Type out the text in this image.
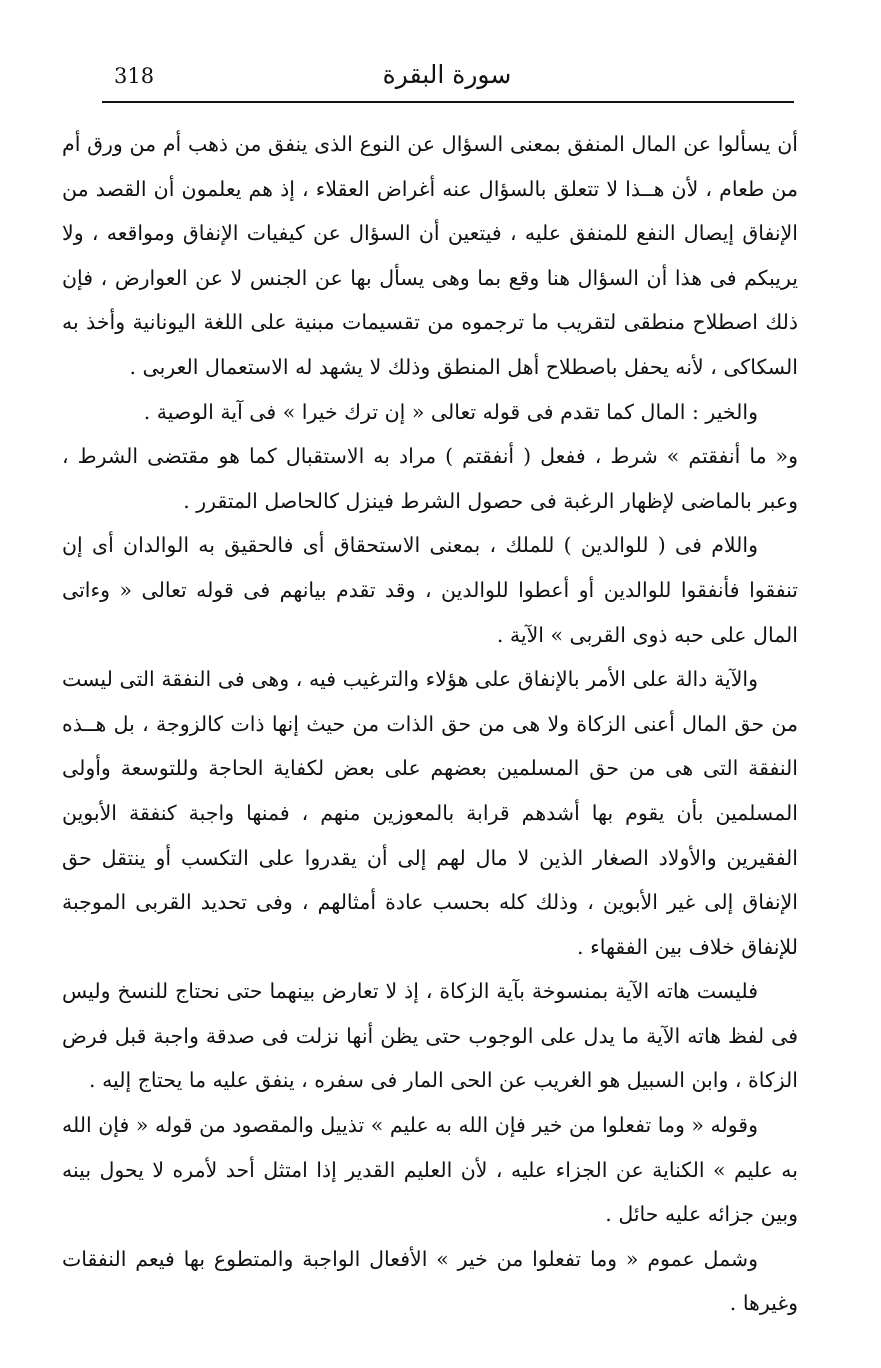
318	سورة البقرة

أن يسألوا عن المال المنفق بمعنى السؤال عن النوع الذى ينفق من ذهب أم من ورق أم من طعام ، لأن هــذا لا تتعلق بالسؤال عنه أغراض العقلاء ، إذ هم يعلمون أن القصد من الإنفاق إيصال النفع للمنفق عليه ، فيتعين أن السؤال عن كيفيات الإنفاق ومواقعه ، ولا يريبكم فى هذا أن السؤال هنا وقع بما وهى يسأل بها عن الجنس لا عن العوارض ، فإن ذلك اصطلاح منطقى لتقريب ما ترجموه من تقسيمات مبنية على اللغة اليونانية وأخذ به السكاكى ، لأنه يحفل باصطلاح أهل المنطق وذلك لا يشهد له الاستعمال العربى .

والخير : المال كما تقدم فى قوله تعالى « إن ترك خيرا » فى آية الوصية .

و« ما أنفقتم » شرط ، ففعل ( أنفقتم ) مراد به الاستقبال كما هو مقتضى الشرط ، وعبر بالماضى لإظهار الرغبة فى حصول الشرط فينزل كالحاصل المتقرر .

واللام فى ( للوالدين ) للملك ، بمعنى الاستحقاق أى فالحقيق به الوالدان أى إن تنفقوا فأنفقوا للوالدين أو أعطوا للوالدين ، وقد تقدم بيانهم فى قوله تعالى « وءاتى المال على حبه ذوى القربى » الآية .

والآية دالة على الأمر بالإنفاق على هؤلاء والترغيب فيه ، وهى فى النفقة التى ليست من حق المال أعنى الزكاة ولا هى من حق الذات من حيث إنها ذات كالزوجة ، بل هــذه النفقة التى هى من حق المسلمين بعضهم على بعض لكفاية الحاجة وللتوسعة وأولى المسلمين بأن يقوم بها أشدهم قرابة بالمعوزين منهم ، فمنها واجبة كنفقة الأبوين الفقيرين والأولاد الصغار الذين لا مال لهم إلى أن يقدروا على التكسب أو ينتقل حق الإنفاق إلى غير الأبوين ، وذلك كله بحسب عادة أمثالهم ، وفى تحديد القربى الموجبة للإنفاق خلاف بين الفقهاء .

فليست هاته الآية بمنسوخة بآية الزكاة ، إذ لا تعارض بينهما حتى نحتاج للنسخ وليس فى لفظ هاته الآية ما يدل على الوجوب حتى يظن أنها نزلت فى صدقة واجبة قبل فرض الزكاة ، وابن السبيل هو الغريب عن الحى المار فى سفره ، ينفق عليه ما يحتاج إليه .

وقوله « وما تفعلوا من خير فإن الله به عليم » تذييل والمقصود من قوله « فإن الله به عليم » الكناية عن الجزاء عليه ، لأن العليم القدير إذا امتثل أحد لأمره لا يحول بينه وبين جزائه عليه حائل .

وشمل عموم « وما تفعلوا من خير » الأفعال الواجبة والمتطوع بها فيعم النفقات وغيرها .
